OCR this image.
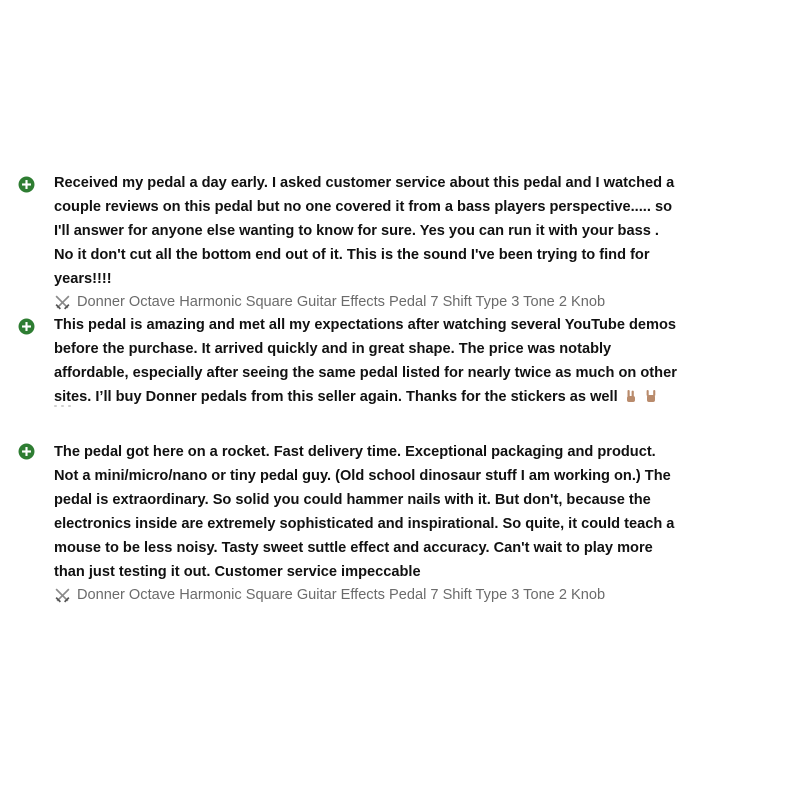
Received my pedal a day early. I asked customer service about this pedal and I watched a couple reviews on this pedal but no one covered it from a bass players perspective..... so I'll answer for anyone else wanting to know for sure. Yes you can run it with your bass . No it don't cut all the bottom end out of it. This is the sound I've been trying to find for years!!!!

Donner Octave Harmonic Square Guitar Effects Pedal 7 Shift Type 3 Tone 2 Knob

This pedal is amazing and met all my expectations after watching several YouTube demos before the purchase. It arrived quickly and in great shape. The price was notably affordable, especially after seeing the same pedal listed for nearly twice as much on other sites. I’ll buy Donner pedals from this seller again. Thanks for the stickers as well

The pedal got here on a rocket. Fast delivery time. Exceptional packaging and product. Not a mini/micro/nano or tiny pedal guy. (Old school dinosaur stuff I am working on.) The pedal is extraordinary. So solid you could hammer nails with it. But don't, because the electronics inside are extremely sophisticated and inspirational. So quite, it could teach a mouse to be less noisy. Tasty sweet suttle effect and accuracy. Can't wait to play more than just testing it out. Customer service impeccable

Donner Octave Harmonic Square Guitar Effects Pedal 7 Shift Type 3 Tone 2 Knob
